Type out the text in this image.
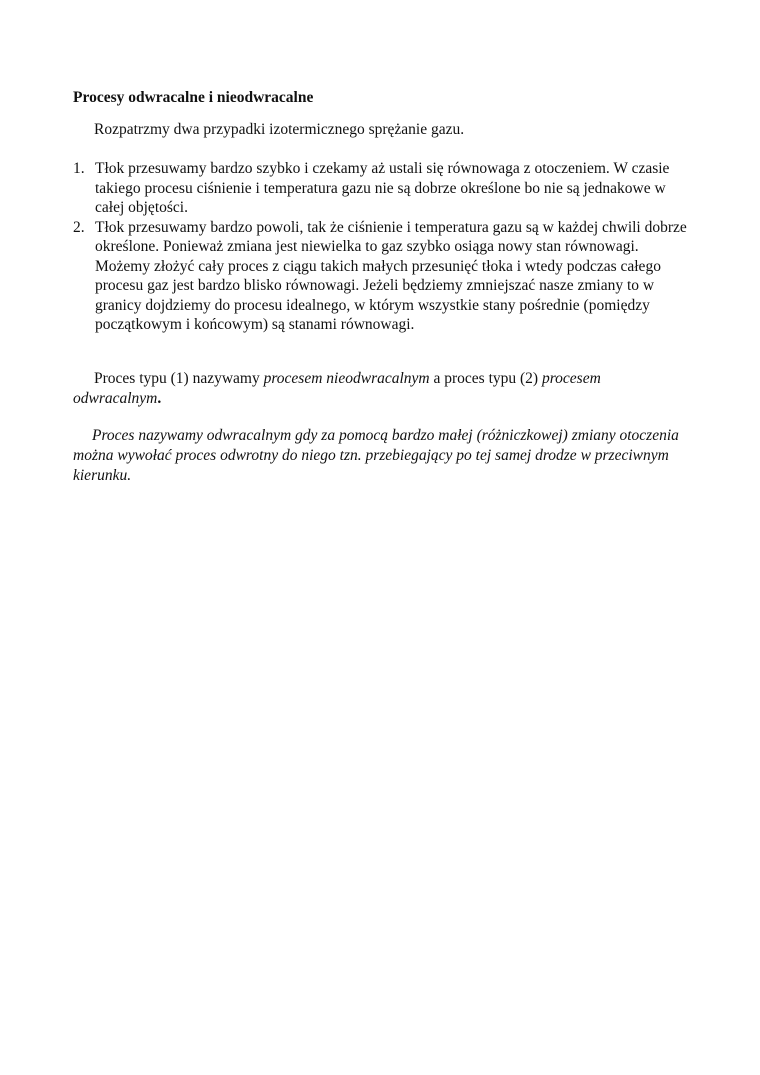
Procesy odwracalne i nieodwracalne

Rozpatrzmy dwa przypadki izotermicznego sprężanie gazu.

1. Tłok przesuwamy bardzo szybko i czekamy aż ustali się równowaga z otoczeniem. W czasie takiego procesu ciśnienie i temperatura gazu nie są dobrze określone bo nie są jednakowe w całej objętości.
2. Tłok przesuwamy bardzo powoli, tak że ciśnienie i temperatura gazu są w każdej chwili dobrze określone. Ponieważ zmiana jest niewielka to gaz szybko osiąga nowy stan równowagi. Możemy złożyć cały proces z ciągu takich małych przesunięć tłoka i wtedy podczas całego procesu gaz jest bardzo blisko równowagi. Jeżeli będziemy zmniejszać nasze zmiany to w granicy dojdziemy do procesu idealnego, w którym wszystkie stany pośrednie (pomiędzy początkowym i końcowym) są stanami równowagi.

Proces typu (1) nazywamy procesem nieodwracalnym a proces typu (2) procesem odwracalnym.

Proces nazywamy odwracalnym gdy za pomocą bardzo małej (różniczkowej) zmiany otoczenia można wywołać proces odwrotny do niego tzn. przebiegający po tej samej drodze w przeciwnym kierunku.
